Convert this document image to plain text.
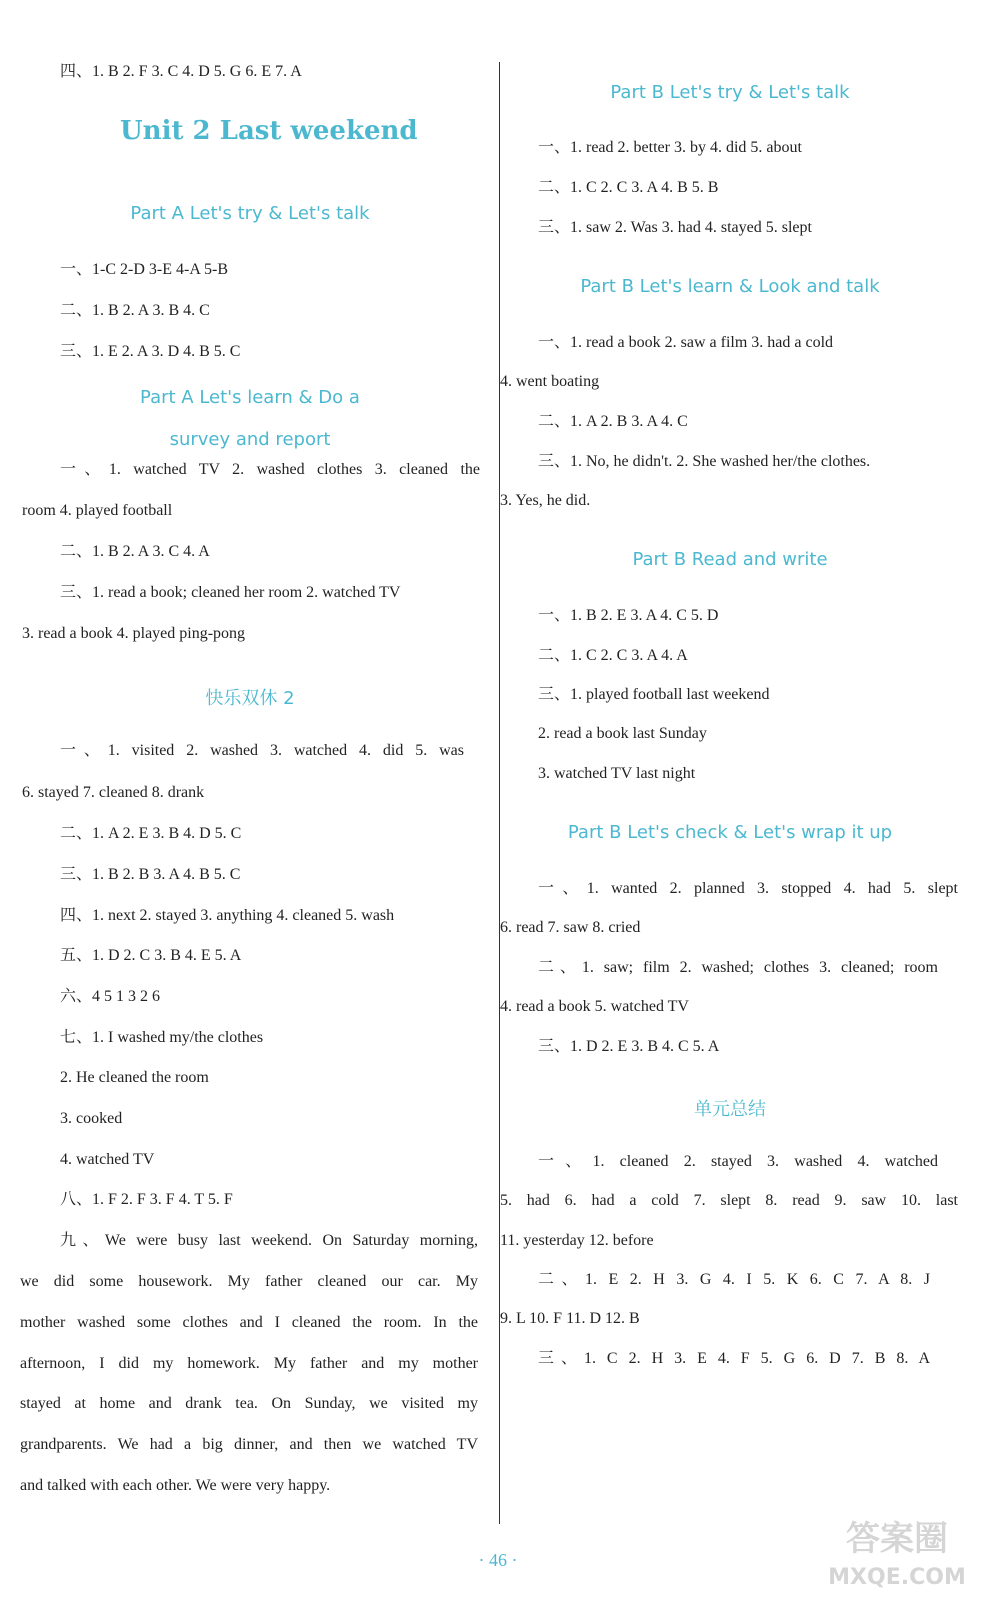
四、1. B 2. F 3. C 4. D 5. G 6. E 7. A
Unit 2 Last weekend
Part A Let's try & Let's talk
一、1-C 2-D 3-E 4-A 5-B
二、1. B 2. A 3. B 4. C
三、1. E 2. A 3. D 4. B 5. C
Part A Let's learn & Do a
survey and report
一、1. watched TV 2. washed clothes 3. cleaned the
room 4. played football
二、1. B 2. A 3. C 4. A
三、1. read a book; cleaned her room 2. watched TV
3. read a book 4. played ping-pong
快乐双休 2
一、1. visited 2. washed 3. watched 4. did 5. was
6. stayed 7. cleaned 8. drank
二、1. A 2. E 3. B 4. D 5. C
三、1. B 2. B 3. A 4. B 5. C
四、1. next 2. stayed 3. anything 4. cleaned 5. wash
五、1. D 2. C 3. B 4. E 5. A
六、4 5 1 3 2 6
七、1. I washed my/the clothes
2. He cleaned the room
3. cooked
4. watched TV
八、1. F 2. F 3. F 4. T 5. F
九、We were busy last weekend. On Saturday morning,
we did some housework. My father cleaned our car. My
mother washed some clothes and I cleaned the room. In the
afternoon, I did my homework. My father and my mother
stayed at home and drank tea. On Sunday, we visited my
grandparents. We had a big dinner, and then we watched TV
and talked with each other. We were very happy.
Part B Let's try & Let's talk
一、1. read 2. better 3. by 4. did 5. about
二、1. C 2. C 3. A 4. B 5. B
三、1. saw 2. Was 3. had 4. stayed 5. slept
Part B Let's learn & Look and talk
一、1. read a book 2. saw a film 3. had a cold
4. went boating
二、1. A 2. B 3. A 4. C
三、1. No, he didn't. 2. She washed her/the clothes.
3. Yes, he did.
Part B Read and write
一、1. B 2. E 3. A 4. C 5. D
二、1. C 2. C 3. A 4. A
三、1. played football last weekend
2. read a book last Sunday
3. watched TV last night
Part B Let's check & Let's wrap it up
一、1. wanted 2. planned 3. stopped 4. had 5. slept
6. read 7. saw 8. cried
二、1. saw; film 2. washed; clothes 3. cleaned; room
4. read a book 5. watched TV
三、1. D 2. E 3. B 4. C 5. A
单元总结
一、1. cleaned 2. stayed 3. washed 4. watched
5. had 6. had a cold 7. slept 8. read 9. saw 10. last
11. yesterday 12. before
二、1. E 2. H 3. G 4. I 5. K 6. C 7. A 8. J
9. L 10. F 11. D 12. B
三、1. C 2. H 3. E 4. F 5. G 6. D 7. B 8. A
· 46 ·
答案圈
MXQE.COM
